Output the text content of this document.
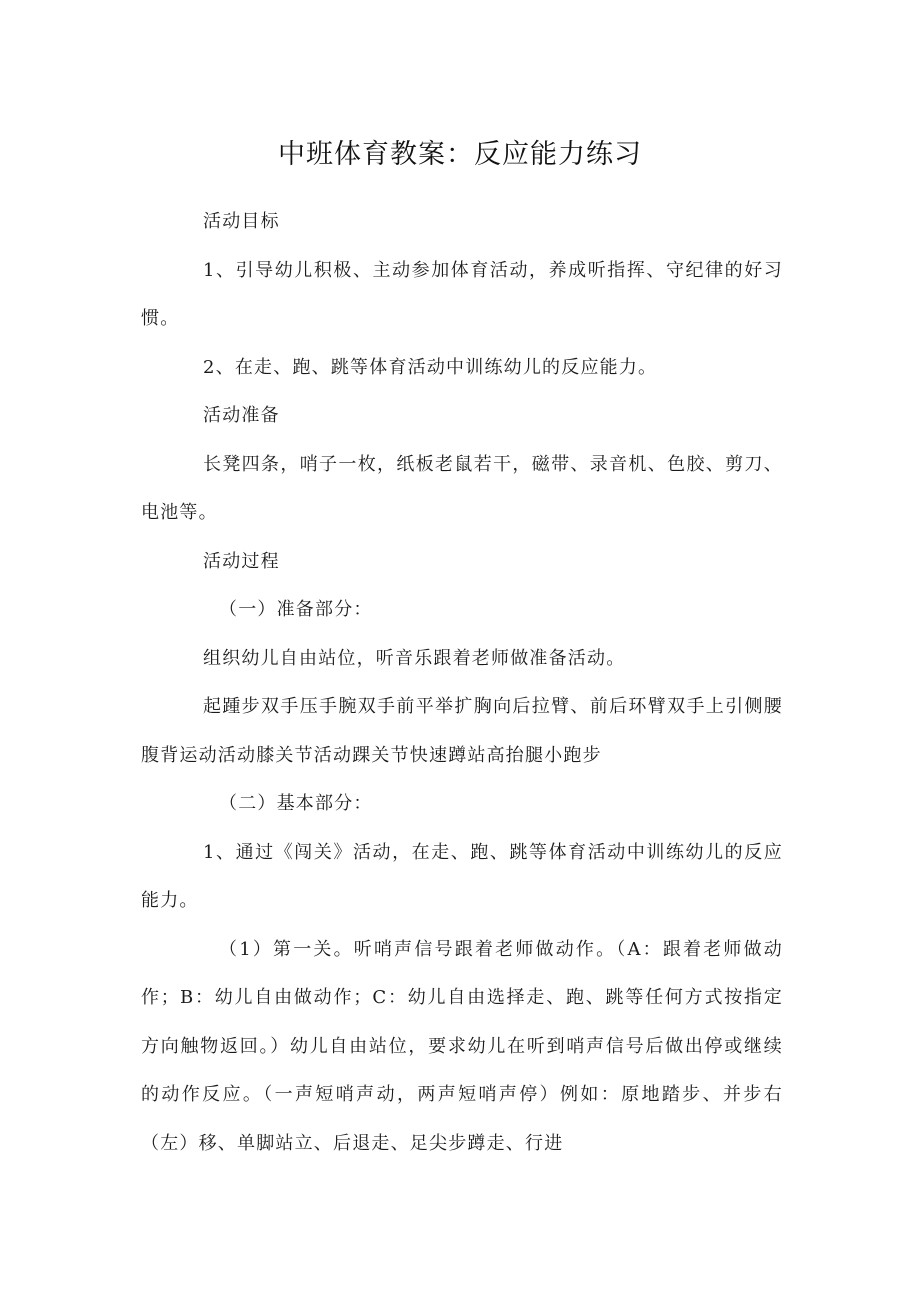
中班体育教案：反应能力练习

活动目标

1、引导幼儿积极、主动参加体育活动，养成听指挥、守纪律的好习惯。

2、在走、跑、跳等体育活动中训练幼儿的反应能力。

活动准备

长凳四条，哨子一枚，纸板老鼠若干，磁带、录音机、色胶、剪刀、电池等。

活动过程

（一）准备部分：

组织幼儿自由站位，听音乐跟着老师做准备活动。

起踵步双手压手腕双手前平举扩胸向后拉臂、前后环臂双手上引侧腰腹背运动活动膝关节活动踝关节快速蹲站高抬腿小跑步

（二）基本部分：

1、通过《闯关》活动，在走、跑、跳等体育活动中训练幼儿的反应能力。

（1）第一关。听哨声信号跟着老师做动作。（A：跟着老师做动作；B：幼儿自由做动作；C：幼儿自由选择走、跑、跳等任何方式按指定方向触物返回。）幼儿自由站位，要求幼儿在听到哨声信号后做出停或继续的动作反应。（一声短哨声动，两声短哨声停）例如：原地踏步、并步右（左）移、单脚站立、后退走、足尖步蹲走、行进
